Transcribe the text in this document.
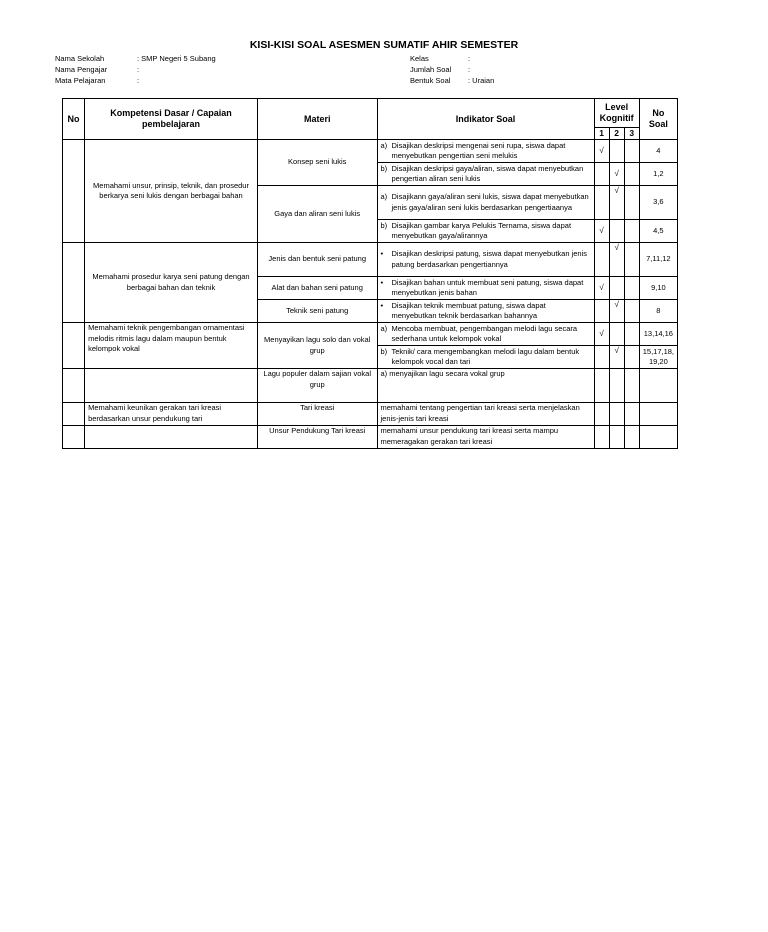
KISI-KISI SOAL ASESMEN SUMATIF AHIR SEMESTER
Nama Sekolah	: SMP Negeri 5 Subang
Nama Pengajar	:
Mata Pelajaran	:
Kelas	:
Jumlah Soal :
Bentuk Soal : Uraian
No	Kompetensi Dasar / Capaian pembelajaran	Materi	Indikator Soal	Level Kognitif			No Soal
				1	2	3	
	Memahami unsur, prinsip, teknik, dan prosedur berkarya seni lukis dengan berbagai bahan	Konsep seni lukis	a) Disajikan deskripsi mengenai seni rupa, siswa dapat menyebutkan pengertian seni melukis	√			4

			b) Disajikan deskripsi gaya/aliran, siswa dapat menyebutkan pengertian aliran seni lukis		√		1,2
		Gaya dan aliran seni lukis	a) Disajikann gaya/aliran seni lukis, siswa dapat menyebutkan jenis gaya/aliran seni lukis berdasarkan pengertiaanya		√		3,6

			b) Disajikan gambar karya Pelukis Ternama, siswa dapat menyebutkan gaya/alirannya	√			4,5
	Memahami prosedur karya seni patung dengan berbagai bahan dan teknik	Jenis dan bentuk seni patung	• Disajikan deskripsi patung, siswa dapat menyebutkan jenis patung berdasarkan pengertiannya		√		7,11,12
		Alat dan bahan seni patung	• Disajikan bahan untuk membuat seni patung, siswa dapat menyebutkan jenis bahan	√			9,10
		Teknik seni patung	• Disajikan teknik membuat patung, siswa dapat menyebutkan teknik berdasarkan bahannya		√		8
	Memahami teknik pengembangan ornamentasi melodis ritmis lagu dalam maupun bentuk kelompok vokal	Menyayikan lagu solo dan vokal grup	a) Mencoba membuat, pengembangan melodi lagu secara sederhana untuk kelompok vokal	√			13,14,16

			b) Teknik/ cara mengembangkan melodi lagu dalam bentuk kelompok vocal dan tari		√		15,17,18,19,20
		Lagu populer dalam sajian vokal grup	a) menyajikan lagu secara vokal grup				
	Memahami keunikan gerakan tari kreasi berdasarkan unsur pendukung tari	Tari kreasi	memahami tentang pengertian tari kreasi serta menjelaskan jenis-jenis tari kreasi				
		Unsur Pendukung Tari kreasi	memahami unsur pendukung tari kreasi serta mampu memeragakan gerakan tari kreasi				
